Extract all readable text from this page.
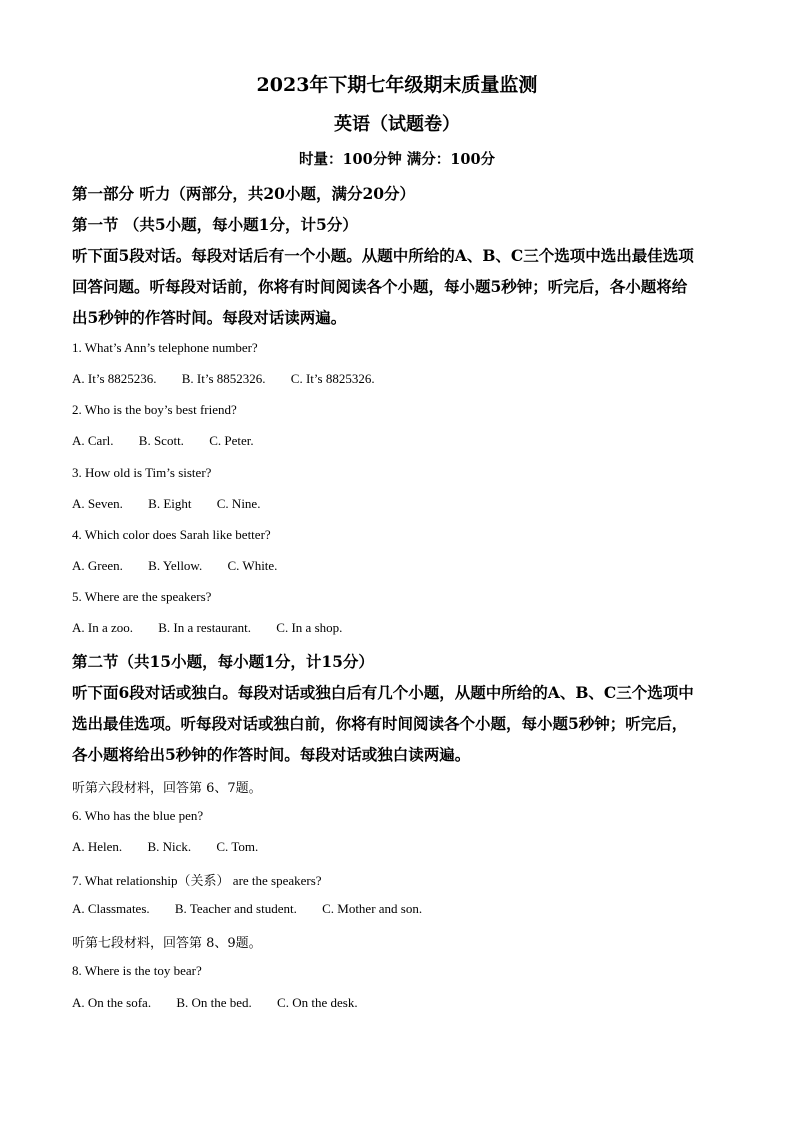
2023年下期七年级期末质量监测
英语（试题卷）
时量：100分钟 满分：100分
第一部分 听力（两部分，共20小题，满分20分）
第一节 （共5小题，每小题1分，计5分）
听下面5段对话。每段对话后有一个小题。从题中所给的A、B、C三个选项中选出最佳选项
回答问题。听每段对话前，你将有时间阅读各个小题，每小题5秒钟；听完后，各小题将给
出5秒钟的作答时间。每段对话读两遍。
1. What’s Ann’s telephone number?
A. It’s 8825236. B. It’s 8852326. C. It’s 8825326.
2. Who is the boy’s best friend?
A. Carl. B. Scott. C. Peter.
3. How old is Tim’s sister?
A. Seven. B. Eight C. Nine.
4. Which color does Sarah like better?
A. Green. B. Yellow. C. White.
5. Where are the speakers?
A. In a zoo. B. In a restaurant. C. In a shop.
第二节（共15小题，每小题1分，计15分）
听下面6段对话或独白。每段对话或独白后有几个小题，从题中所给的A、B、C三个选项中
选出最佳选项。听每段对话或独白前，你将有时间阅读各个小题，每小题5秒钟；听完后，
各小题将给出5秒钟的作答时间。每段对话或独白读两遍。
听第六段材料，回答第 6、7题。
6. Who has the blue pen?
A. Helen. B. Nick. C. Tom.
7. What relationship（关系） are the speakers?
A. Classmates. B. Teacher and student. C. Mother and son.
听第七段材料，回答第 8、9题。
8. Where is the toy bear?
A. On the sofa. B. On the bed. C. On the desk.
